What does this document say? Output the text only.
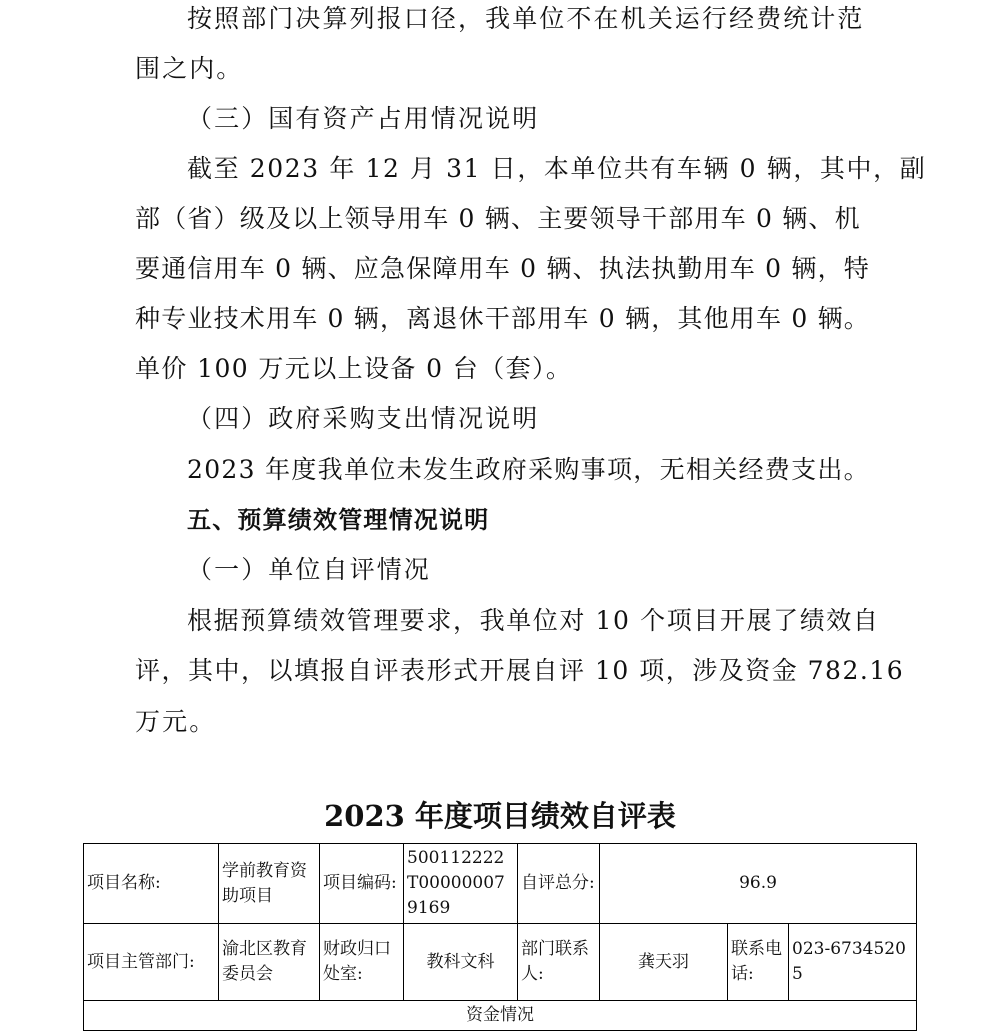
按照部门决算列报口径，我单位不在机关运行经费统计范
围之内。
（三）国有资产占用情况说明
截至 2023 年 12 月 31 日，本单位共有车辆 0 辆，其中，副
部（省）级及以上领导用车 0 辆、主要领导干部用车 0 辆、机
要通信用车 0 辆、应急保障用车 0 辆、执法执勤用车 0 辆，特
种专业技术用车 0 辆，离退休干部用车 0 辆，其他用车 0 辆。
单价 100 万元以上设备 0 台（套）。
（四）政府采购支出情况说明
2023 年度我单位未发生政府采购事项，无相关经费支出。
五、预算绩效管理情况说明
（一）单位自评情况
根据预算绩效管理要求，我单位对 10 个项目开展了绩效自
评，其中，以填报自评表形式开展自评 10 项，涉及资金 782.16
万元。
2023 年度项目绩效自评表
项目名称:	学前教育资助项目	项目编码:	500112222T000000079169	自评总分:	96.9		
项目主管部门:	渝北区教育委员会	财政归口处室:	教科文科	部门联系人:	龚天羽	联系电话:	023-67345205
资金情况							
